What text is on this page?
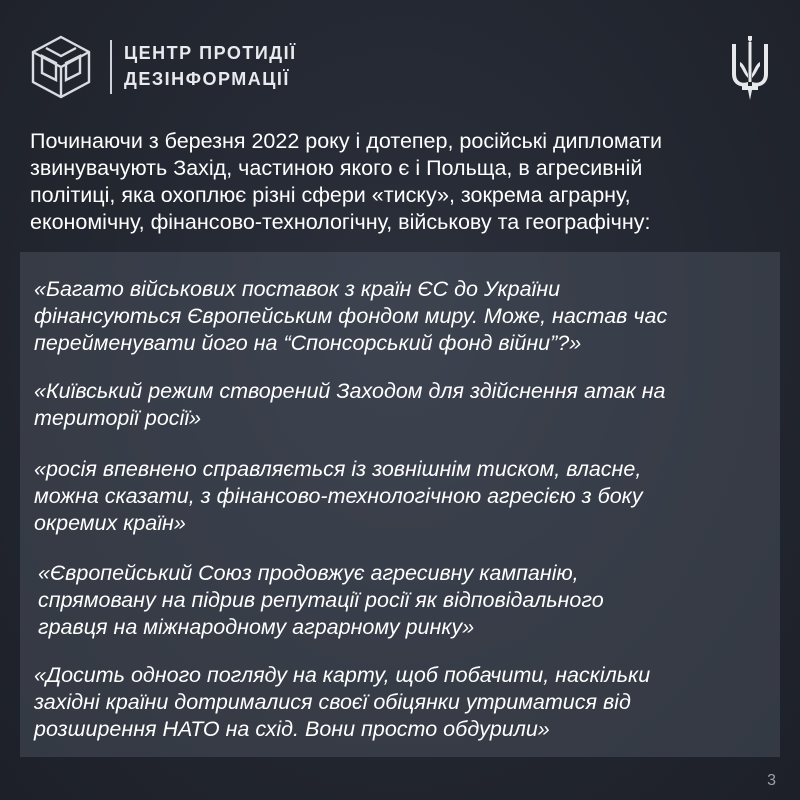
ЦЕНТР ПРОТИДІЇ
ДЕЗІНФОРМАЦІЇ
Починаючи з березня 2022 року і дотепер, російські дипломати
звинувачують Захід, частиною якого є і Польща, в агресивній
політиці, яка охоплює різні сфери «тиску», зокрема аграрну,
економічну, фінансово-технологічну, військову та географічну:
«Багато військових поставок з країн ЄС до України
фінансуються Європейським фондом миру. Може, настав час
перейменувати його на “Спонсорський фонд війни”?»
«Київський режим створений Заходом для здійснення атак на
території росії»
«росія впевнено справляється із зовнішнім тиском, власне,
можна сказати, з фінансово-технологічною агресією з боку
окремих країн»
«Європейський Союз продовжує агресивну кампанію,
спрямовану на підрив репутації росії як відповідального
гравця на міжнародному аграрному ринку»
«Досить одного погляду на карту, щоб побачити, наскільки
західні країни дотрималися своєї обіцянки утриматися від
розширення НАТО на схід. Вони просто обдурили»
3
